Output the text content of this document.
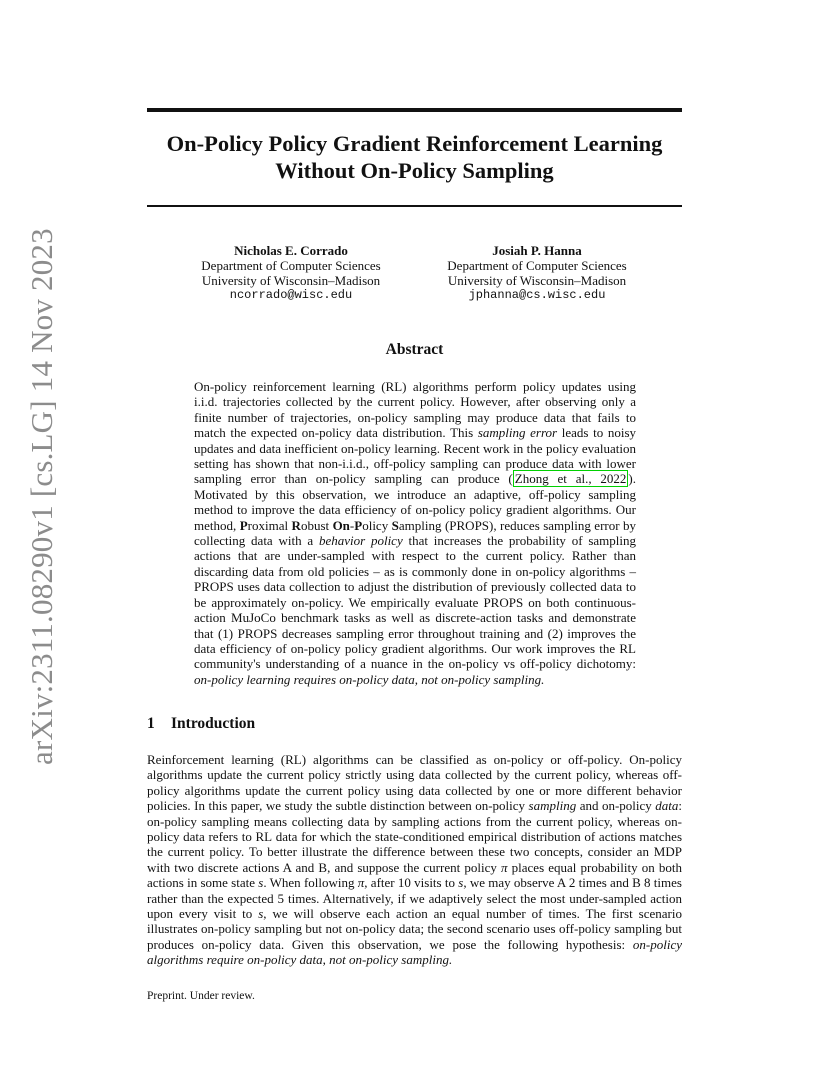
arXiv:2311.08290v1 [cs.LG] 14 Nov 2023
On-Policy Policy Gradient Reinforcement Learning Without On-Policy Sampling
Nicholas E. Corrado
Department of Computer Sciences
University of Wisconsin–Madison
ncorrado@wisc.edu
Josiah P. Hanna
Department of Computer Sciences
University of Wisconsin–Madison
jphanna@cs.wisc.edu
Abstract
On-policy reinforcement learning (RL) algorithms perform policy updates using i.i.d. trajectories collected by the current policy. However, after observing only a finite number of trajectories, on-policy sampling may produce data that fails to match the expected on-policy data distribution. This sampling error leads to noisy updates and data inefficient on-policy learning. Recent work in the policy evaluation setting has shown that non-i.i.d., off-policy sampling can produce data with lower sampling error than on-policy sampling can produce ( Zhong et al., 2022 ). Motivated by this observation, we introduce an adaptive, off-policy sampling method to improve the data efficiency of on-policy policy gradient algorithms. Our method, Proximal Robust On-Policy Sampling (PROPS), reduces sampling error by collecting data with a behavior policy that increases the probability of sampling actions that are under-sampled with respect to the current policy. Rather than discarding data from old policies – as is commonly done in on-policy algorithms – PROPS uses data collection to adjust the distribution of previously collected data to be approximately on-policy. We empirically evaluate PROPS on both continuous-action MuJoCo benchmark tasks as well as discrete-action tasks and demonstrate that (1) PROPS decreases sampling error throughout training and (2) improves the data efficiency of on-policy policy gradient algorithms. Our work improves the RL community's understanding of a nuance in the on-policy vs off-policy dichotomy: on-policy learning requires on-policy data, not on-policy sampling.
1 Introduction
Reinforcement learning (RL) algorithms can be classified as on-policy or off-policy. On-policy algorithms update the current policy strictly using data collected by the current policy, whereas off-policy algorithms update the current policy using data collected by one or more different behavior policies. In this paper, we study the subtle distinction between on-policy sampling and on-policy data: on-policy sampling means collecting data by sampling actions from the current policy, whereas on-policy data refers to RL data for which the state-conditioned empirical distribution of actions matches the current policy. To better illustrate the difference between these two concepts, consider an MDP with two discrete actions A and B, and suppose the current policy π places equal probability on both actions in some state s. When following π, after 10 visits to s, we may observe A 2 times and B 8 times rather than the expected 5 times. Alternatively, if we adaptively select the most under-sampled action upon every visit to s, we will observe each action an equal number of times. The first scenario illustrates on-policy sampling but not on-policy data; the second scenario uses off-policy sampling but produces on-policy data. Given this observation, we pose the following hypothesis: on-policy algorithms require on-policy data, not on-policy sampling.
Preprint. Under review.
